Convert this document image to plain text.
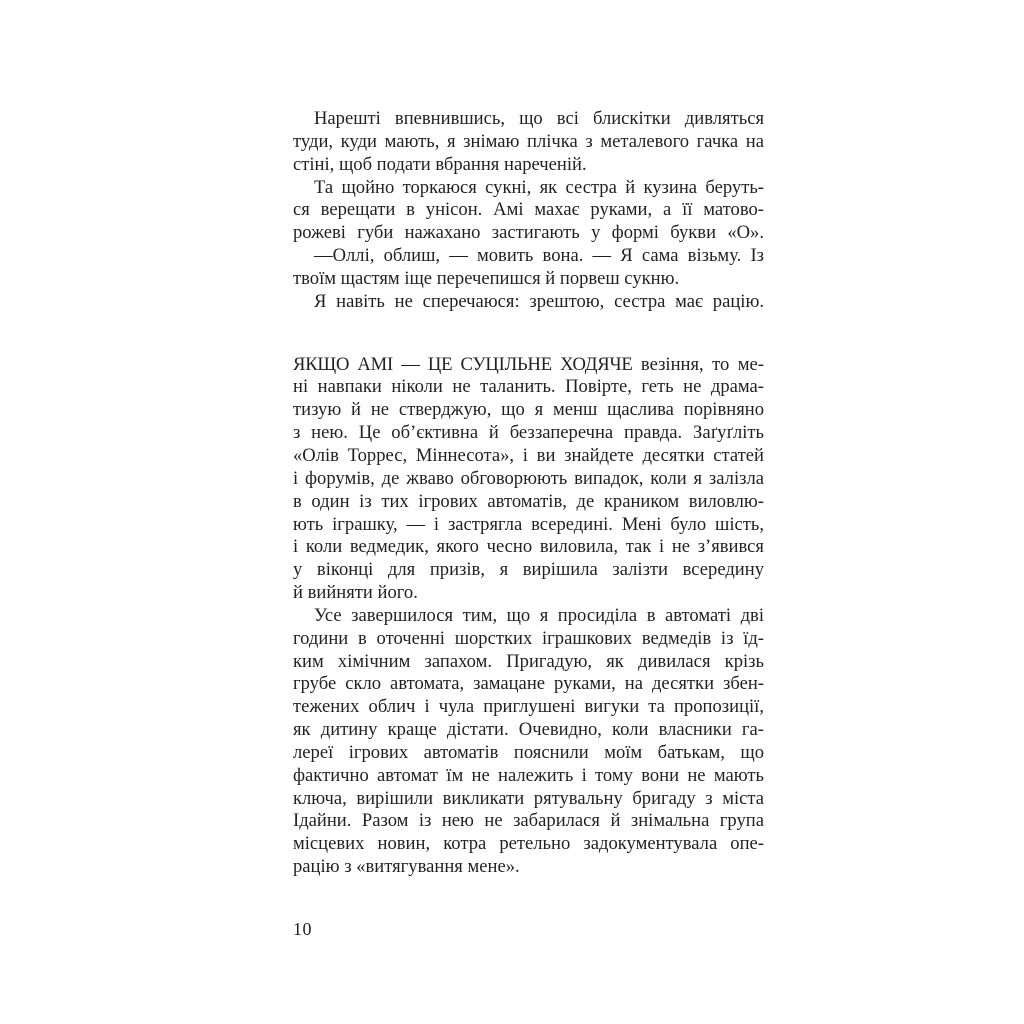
Нарешті впевнившись, що всі блискітки дивляться
туди, куди мають, я знімаю плічка з металевого гачка на
стіні, щоб подати вбрання нареченій.

Та щойно торкаюся сукні, як сестра й кузина беруть-
ся верещати в унісон. Амі махає руками, а її матово-
рожеві губи нажахано застигають у формі букви «О».

—Оллі, облиш, — мовить вона. — Я сама візьму. Із
твоїм щастям іще перечепишся й порвеш сукню.

Я навіть не сперечаюся: зрештою, сестра має рацію.

ЯКЩО АМІ — ЦЕ СУЦІЛЬНЕ ХОДЯЧЕ везіння, то ме-
ні навпаки ніколи не таланить. Повірте, геть не драма-
тизую й не стверджую, що я менш щаслива порівняно
з нею. Це об’єктивна й беззаперечна правда. Заґуґліть
«Олів Торрес, Міннесота», і ви знайдете десятки статей
і форумів, де жваво обговорюють випадок, коли я залізла
в один із тих ігрових автоматів, де краником виловлю-
ють іграшку, — і застрягла всередині. Мені було шість,
і коли ведмедик, якого чесно виловила, так і не з’явився
у віконці для призів, я вирішила залізти всередину
й вийняти його.

Усе завершилося тим, що я просиділа в автоматі дві
години в оточенні шорстких іграшкових ведмедів із їд-
ким хімічним запахом. Пригадую, як дивилася крізь
грубе скло автомата, замацане руками, на десятки збен-
тежених облич і чула приглушені вигуки та пропозиції,
як дитину краще дістати. Очевидно, коли власники га-
лереї ігрових автоматів пояснили моїм батькам, що
фактично автомат їм не належить і тому вони не мають
ключа, вирішили викликати рятувальну бригаду з міста
Ідайни. Разом із нею не забарилася й знімальна група
місцевих новин, котра ретельно задокументувала опе-
рацію з «витягування мене».

10
